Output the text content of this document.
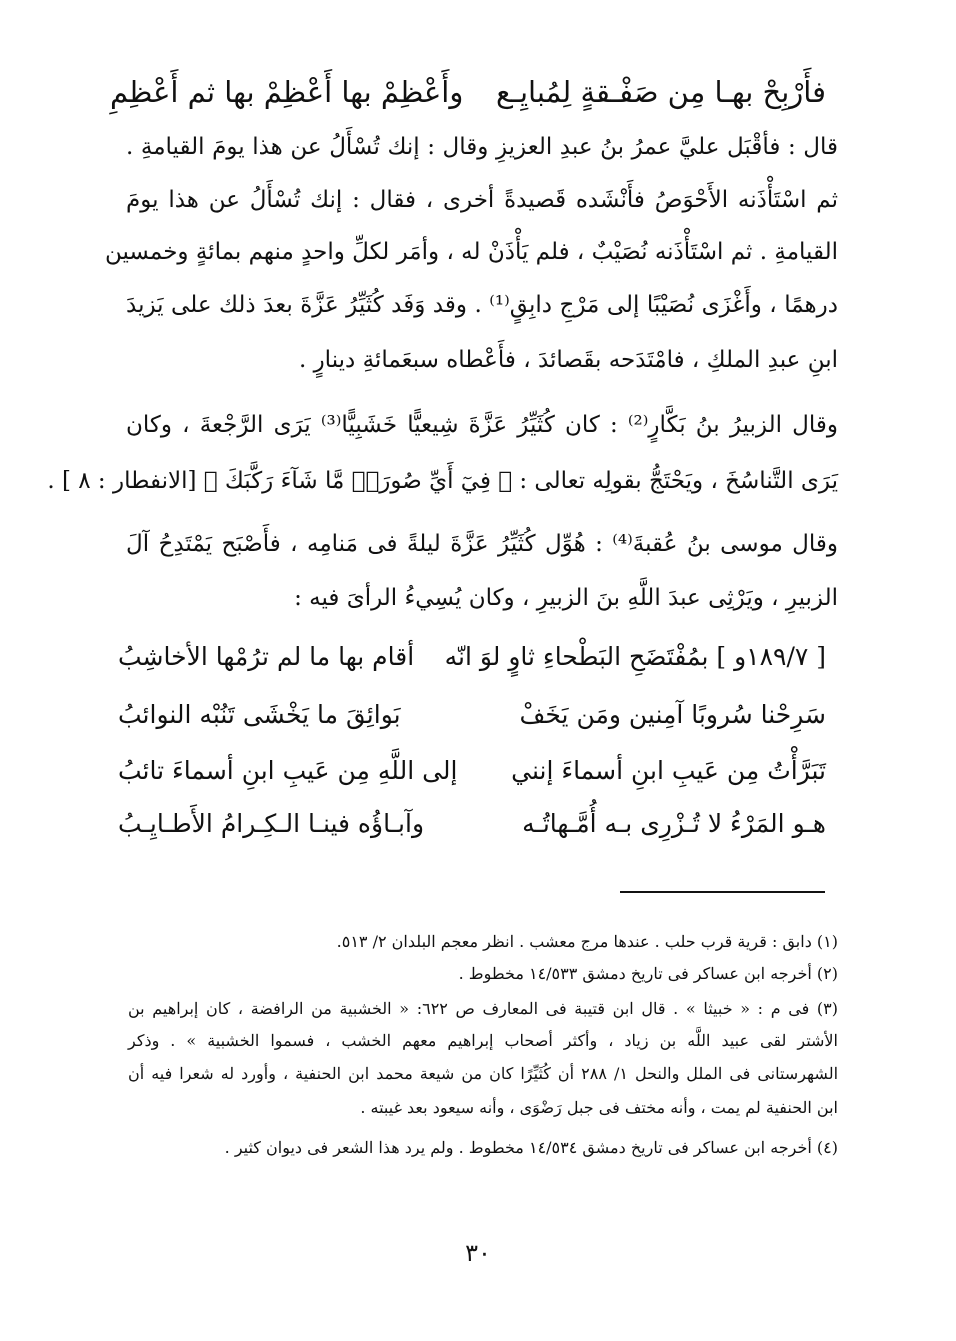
فأَرْبِحْ بهـا مِن صَفْـقةٍ لِمُبايِـع
وأَعْظِمْ بها أَعْظِمْ بها ثم أَعْظِمِ
قال : فأقْبَل عليَّ عمرُ بنُ عبدِ العزيزِ وقال : إنك تُسْأَلُ عن هذا يومَ القيامةِ .
ثم اسْتَأْذَنه الأَحْوَصُ فأَنْشَده قَصيدةً أخرى ، فقال : إنك تُسْأَلُ عن هذا يومَ
القيامةِ . ثم اسْتَأْذَنه نُصَيْبٌ ، فلم يَأْذَنْ له ، وأمَر لكلِّ واحدٍ منهم بمائةٍ وخمسين
درهمًا ، وأَغْزَى نُصَيْبًا إلى مَرْجِ دابِقٍ⁽¹⁾ . وقد وَفَد كُثَيِّرُ عَزَّةَ بعدَ ذلك على يَزيدَ
ابنِ عبدِ الملكِ ، فامْتَدَحه بقَصائدَ ، فأَعْطاه سبعَمائةِ دينارٍ .
وقال الزبيرُ بنُ بَكَّارٍ⁽²⁾ : كان كُثَيِّرُ عَزَّةَ شِيعيًّا خَشَبِيًّا⁽³⁾ يَرَى الرَّجْعةَ ، وكان
يَرَى التَّناسُخَ ، ويَحْتَجُّ بقولِه تعالى : ﴿ فِيٓ أَيِّ صُورَةٖ مَّا شَآءَ رَكَّبَكَ ﴾ [الانفطار : ٨ ] .
وقال موسى بنُ عُقبةَ⁽⁴⁾ : هُوِّل كُثَيِّرُ عَزَّةَ ليلةً فى مَنامِه ، فأَصْبَح يَمْتَدِحُ آلَ
الزبيرِ ، ويَرْثِى عبدَ اللَّهِ بنَ الزبيرِ ، وكان يُسِيءُ الرأىَ فيه :
[ ١٨٩/٧و ] بمُفْتَضَحِ البَطْحاءِ ثاوٍ لوَ انّه
أقام بها ما لم ترُمْها الأخاشِبُ
سَرِحْنا سُروبًا آمِنين ومَن يَخَفْ
بَوائِقَ ما يَخْشَى تَنُبْه النوائبُ
تَبَرَّأْتُ مِن عَيبِ ابنِ أسماءَ إنني
إلى اللَّهِ مِن عَيبِ ابنِ أسماءَ تائبُ
هـو المَرْءُ لا تُـزْرِى بـه أُمَّـهاتُـه
وآبـاؤُه فينـا الـكِـرامُ الأَطـايِـبُ
(١) دابق : قرية قرب حلب . عندها مرج معشب . انظر معجم البلدان ٢/ ٥١٣.
(٢) أخرجه ابن عساكر فى تاريخ دمشق ١٤/٥٣٣ مخطوط .
(٣) فى م : « خبيثا » . قال ابن قتيبة فى المعارف ص ٦٢٢: « الخشبية من الرافضة ، كان إبراهيم بن
الأشتر لقى عبيد اللَّه بن زياد ، وأكثر أصحاب إبراهيم معهم الخشب ، فسموا الخشبية » . وذكر
الشهرستانى فى الملل والنحل ١/ ٢٨٨ أن كُثَيِّرًا كان من شيعة محمد ابن الحنفية ، وأورد له شعرا فيه أن
ابن الحنفية لم يمت ، وأنه مختف فى جبل رَضْوَى ، وأنه سيعود بعد غيبته .
(٤) أخرجه ابن عساكر فى تاريخ دمشق ١٤/٥٣٤ مخطوط . ولم يرد هذا الشعر فى ديوان كثير .
٣٠
